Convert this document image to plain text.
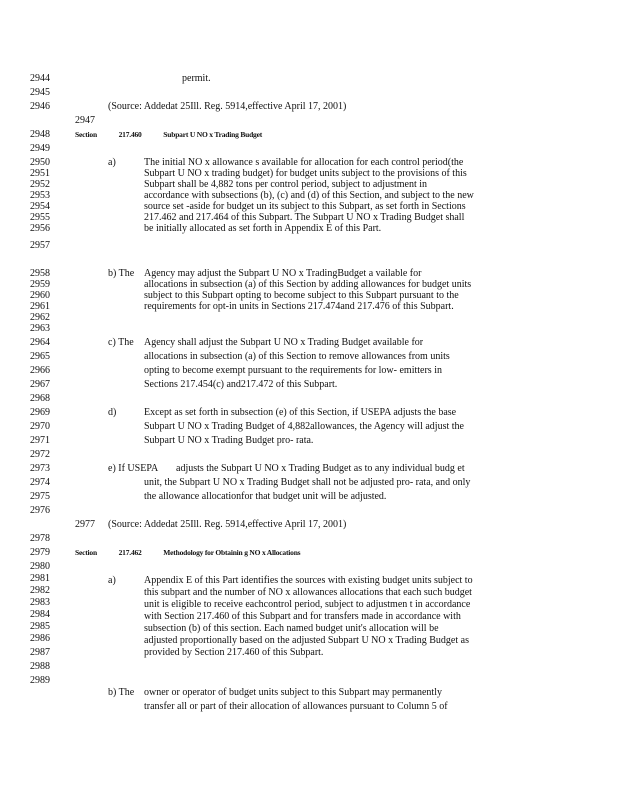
2944
2945
2946
2948
2949
2950
2951
2952
2953
2954
2955
2956
2957
2958
2959
2960
2961
2962
2963
2964
2965
2966
2967
2968
2969
2970
2971
2972
2973
2974
2975
2976
2978
2979
2980
2981
2982
2983
2984
2985
2986
2987
2988
2989
2947
2977
permit.
(Source: Addedat 25Ill. Reg. 5914,effective April 17, 2001)
Section	217.460	Subpart U NO x Trading Budget
a)	The initial NO x allowance s available for allocation for each control period(the
Subpart U NO x trading budget) for budget units subject to the provisions of this
Subpart shall be 4,882 tons per control period, subject to adjustment in
accordance with subsections (b), (c) and (d) of this Section, and subject to the new
source set -aside for budget un its subject to this Subpart, as set forth in Sections
217.462 and 217.464 of this Subpart. The Subpart U NO x Trading Budget shall
be initially allocated as set forth in Appendix E of this Part.
b) The Agency may adjust the Subpart U NO x TradingBudget a vailable for
allocations in subsection (a) of this Section by adding allowances for budget units
subject to this Subpart opting to become subject to this Subpart pursuant to the
requirements for opt-in units in Sections 217.474and 217.476 of this Subpart.
c) The Agency shall adjust the Subpart U NO x Trading Budget available for
allocations in subsection (a) of this Section to remove allowances from units
opting to become exempt pursuant to the requirements for low- emitters in
Sections 217.454(c) and217.472 of this Subpart.
d)	Except as set forth in subsection (e) of this Section, if USEPA adjusts the base
Subpart U NO x Trading Budget of 4,882allowances, the Agency will adjust the
Subpart U NO x Trading Budget pro- rata.
e) If USEPA adjusts the Subpart U NO x Trading Budget as to any individual budg et
unit, the Subpart U NO x Trading Budget shall not be adjusted pro- rata, and only
the allowance allocationfor that budget unit will be adjusted.
(Source: Addedat 25Ill. Reg. 5914,effective April 17, 2001)
Section	217.462	Methodology for Obtainin g NO x Allocations
a)	Appendix E of this Part identifies the sources with existing budget units subject to
this subpart and the number of NO x allowances allocations that each such budget
unit is eligible to receive eachcontrol period, subject to adjustmen t in accordance
with Section 217.460 of this Subpart and for transfers made in accordance with
subsection (b) of this section. Each named budget unit's allocation will be
adjusted proportionally based on the adjusted Subpart U NO x Trading Budget as
provided by Section 217.460 of this Subpart.
b) The owner or operator of budget units subject to this Subpart may permanently
transfer all or part of their allocation of allowances pursuant to Column 5 of
